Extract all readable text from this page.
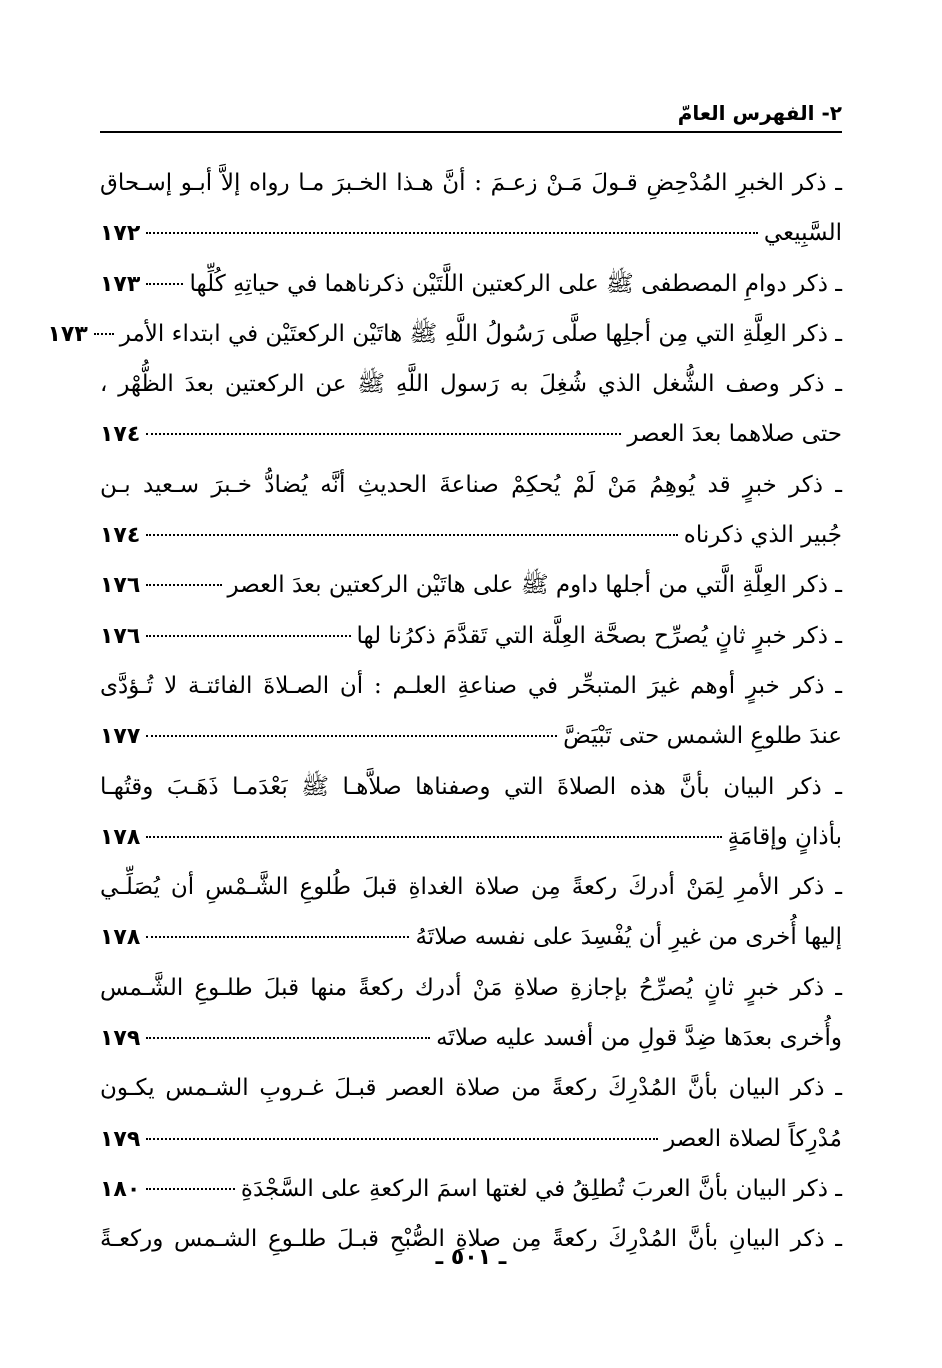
٢- الفهرس العامّ
ـ ذكر الخبرِ المُدْحِضِ قـولَ مَـنْ زعـمَ : أنَّ هـذا الخـبرَ مـا رواه إلاَّ أبـو إسـحاق
السَّبِيعي
١٧٢
ـ ذكر دوامِ المصطفى ﷺ على الركعتين اللَّتَيْن ذكرناهما في حياتِهِ كُلِّها
١٧٣
ـ ذكر العِلَّةِ التي مِن أجلِها صلَّى رَسُولُ اللَّهِ ﷺ هاتَيْن الركعتَيْن في ابتداء الأمر
١٧٣
ـ ذكر وصف الشُّغل الذي شُغِلَ به رَسول اللَّهِ ﷺ عن الركعتين بعدَ الظُّهْر ،
حتى صلاهما بعدَ العصر
١٧٤
ـ ذكر خبرٍ قد يُوهِمُ مَنْ لَمْ يُحكِمْ صناعةَ الحديثِ أنَّه يُضادُّ خـبرَ سـعيد بـن
جُبير الذي ذكرناه
١٧٤
ـ ذكر العِلَّةِ الَّتي من أجلها داوم ﷺ على هاتَيْن الركعتين بعدَ العصر
١٧٦
ـ ذكر خبرٍ ثانٍ يُصرِّح بصحَّة العِلَّة التي تَقدَّمَ ذكرُنا لها
١٧٦
ـ ذكر خبرٍ أوهم غيرَ المتبحِّر في صناعةِ العلـم : أن الصـلاةَ الفائتـة لا تُـؤدَّى
عندَ طلوعِ الشمس حتى تَبْيَضَّ
١٧٧
ـ ذكر البيان بأنَّ هذه الصلاةَ التي وصفناها صلاَّهـا ﷺ بَعْدَمـا ذَهَـبَ وقتُهـا
بأذانٍ وإقامَةٍ
١٧٨
ـ ذكر الأمرِ لِمَنْ أدركَ ركعةً مِن صلاة الغداةِ قبلَ طُلوعِ الشَّـمْسِ أن يُصَلِّـي
إليها أُخرى من غيرِ أن يُفْسِدَ على نفسه صلاتَهُ
١٧٨
ـ ذكر خبرٍ ثانٍ يُصرِّحُ بإجازةِ صلاةِ مَنْ أدرك ركعةً منها قبلَ طلـوعِ الشَّـمس
وأُخرى بعدَها ضِدَّ قولِ من أفسد عليه صلاتَه
١٧٩
ـ ذكر البيان بأنَّ المُدْرِكَ ركعةً من صلاة العصر قبـلَ غـروبِ الشـمس يكـون
مُدْرِكاً لصلاة العصر
١٧٩
ـ ذكر البيان بأنَّ العربَ تُطلِقُ في لغتها اسمَ الركعةِ على السَّجْدَةِ
١٨٠
ـ ذكر البيانِ بأنَّ المُدْرِكَ ركعةً مِن صلاةِ الصُّبْحِ قبـلَ طلـوعِ الشـمس وركعـةً
ـ ٥٠١ ـ
